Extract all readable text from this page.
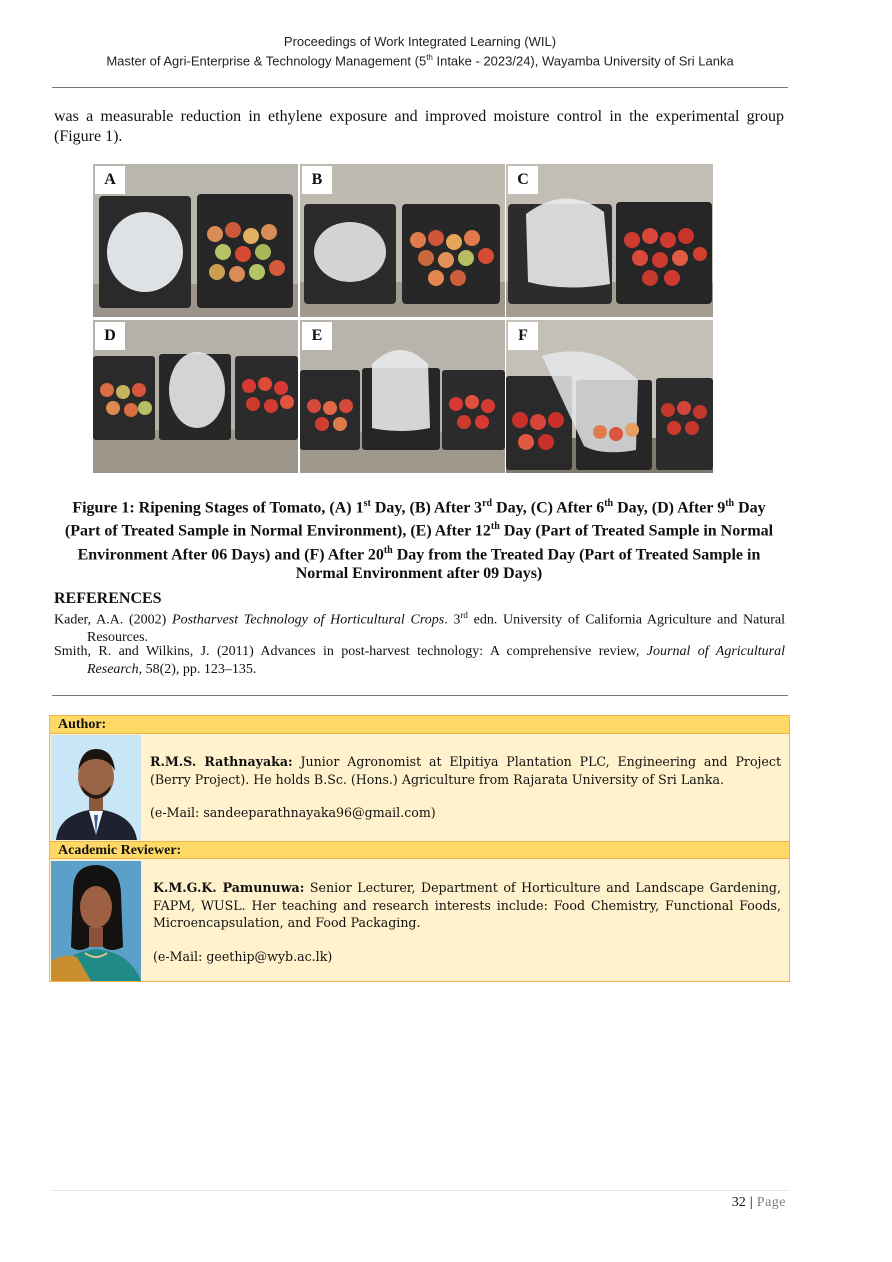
Proceedings of Work Integrated Learning (WIL)
Master of Agri-Enterprise & Technology Management (5th Intake - 2023/24), Wayamba University of Sri Lanka
was a measurable reduction in ethylene exposure and improved moisture control in the experimental group (Figure 1).
A	B	C
D	E	F
Figure 1: Ripening Stages of Tomato, (A) 1st Day, (B) After 3rd Day, (C) After 6th Day, (D) After 9th Day (Part of Treated Sample in Normal Environment), (E) After 12th Day (Part of Treated Sample in Normal Environment After 06 Days) and (F) After 20th Day from the Treated Day (Part of Treated Sample in Normal Environment after 09 Days)
REFERENCES
Kader, A.A. (2002) Postharvest Technology of Horticultural Crops. 3rd edn. University of California Agriculture and Natural Resources.
Smith, R. and Wilkins, J. (2011) Advances in post-harvest technology: A comprehensive review, Journal of Agricultural Research, 58(2), pp. 123–135.
Author:
R.M.S. Rathnayaka: Junior Agronomist at Elpitiya Plantation PLC, Engineering and Project (Berry Project). He holds B.Sc. (Hons.) Agriculture from Rajarata University of Sri Lanka.
(e-Mail: sandeeparathnayaka96@gmail.com)
Academic Reviewer:
K.M.G.K. Pamunuwa: Senior Lecturer, Department of Horticulture and Landscape Gardening, FAPM, WUSL. Her teaching and research interests include: Food Chemistry, Functional Foods, Microencapsulation, and Food Packaging.
(e-Mail: geethip@wyb.ac.lk)
32 | Page
